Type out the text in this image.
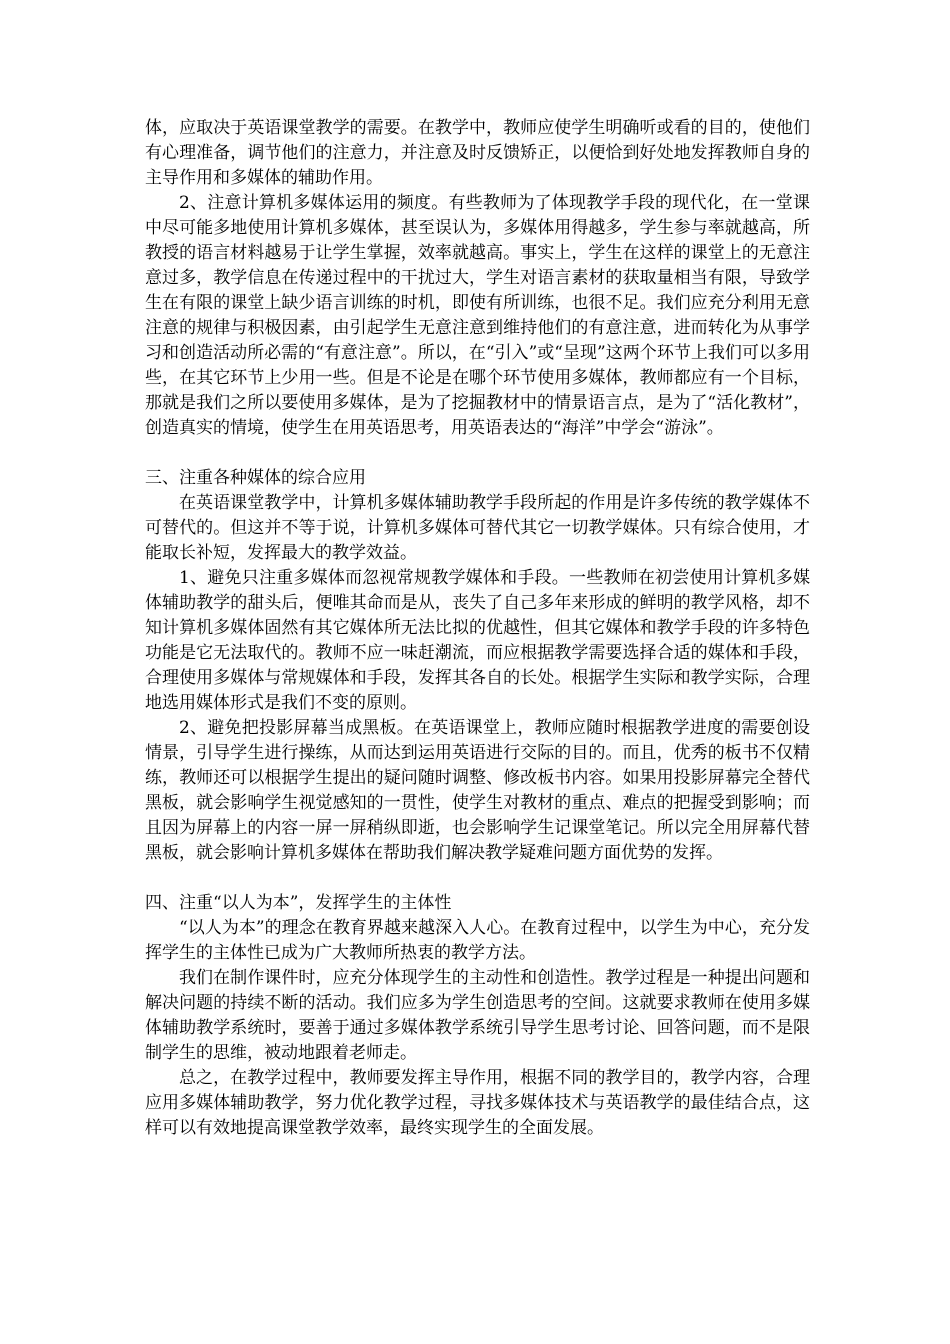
体，应取决于英语课堂教学的需要。在教学中，教师应使学生明确听或看的目的，使他们有心理准备，调节他们的注意力，并注意及时反馈矫正，以便恰到好处地发挥教师自身的主导作用和多媒体的辅助作用。

2、注意计算机多媒体运用的频度。有些教师为了体现教学手段的现代化，在一堂课中尽可能多地使用计算机多媒体，甚至误认为，多媒体用得越多，学生参与率就越高，所教授的语言材料越易于让学生掌握，效率就越高。事实上，学生在这样的课堂上的无意注意过多，教学信息在传递过程中的干扰过大，学生对语言素材的获取量相当有限，导致学生在有限的课堂上缺少语言训练的时机，即使有所训练，也很不足。我们应充分利用无意注意的规律与积极因素，由引起学生无意注意到维持他们的有意注意，进而转化为从事学习和创造活动所必需的“有意注意”。所以，在“引入”或“呈现”这两个环节上我们可以多用些，在其它环节上少用一些。但是不论是在哪个环节使用多媒体，教师都应有一个目标，那就是我们之所以要使用多媒体，是为了挖掘教材中的情景语言点，是为了“活化教材”，创造真实的情境，使学生在用英语思考，用英语表达的“海洋”中学会“游泳”。

三、注重各种媒体的综合应用

在英语课堂教学中，计算机多媒体辅助教学手段所起的作用是许多传统的教学媒体不可替代的。但这并不等于说，计算机多媒体可替代其它一切教学媒体。只有综合使用，才能取长补短，发挥最大的教学效益。

1、避免只注重多媒体而忽视常规教学媒体和手段。一些教师在初尝使用计算机多媒体辅助教学的甜头后，便唯其命而是从，丧失了自己多年来形成的鲜明的教学风格，却不知计算机多媒体固然有其它媒体所无法比拟的优越性，但其它媒体和教学手段的许多特色功能是它无法取代的。教师不应一味赶潮流，而应根据教学需要选择合适的媒体和手段，合理使用多媒体与常规媒体和手段，发挥其各自的长处。根据学生实际和教学实际，合理地选用媒体形式是我们不变的原则。

2、避免把投影屏幕当成黑板。在英语课堂上，教师应随时根据教学进度的需要创设情景，引导学生进行操练，从而达到运用英语进行交际的目的。而且，优秀的板书不仅精练，教师还可以根据学生提出的疑问随时调整、修改板书内容。如果用投影屏幕完全替代黑板，就会影响学生视觉感知的一贯性，使学生对教材的重点、难点的把握受到影响；而且因为屏幕上的内容一屏一屏稍纵即逝，也会影响学生记课堂笔记。所以完全用屏幕代替黑板，就会影响计算机多媒体在帮助我们解决教学疑难问题方面优势的发挥。

四、注重“以人为本”，发挥学生的主体性

“以人为本”的理念在教育界越来越深入人心。在教育过程中，以学生为中心，充分发挥学生的主体性已成为广大教师所热衷的教学方法。

我们在制作课件时，应充分体现学生的主动性和创造性。教学过程是一种提出问题和解决问题的持续不断的活动。我们应多为学生创造思考的空间。这就要求教师在使用多媒体辅助教学系统时，要善于通过多媒体教学系统引导学生思考讨论、回答问题，而不是限制学生的思维，被动地跟着老师走。

总之，在教学过程中，教师要发挥主导作用，根据不同的教学目的，教学内容，合理应用多媒体辅助教学，努力优化教学过程，寻找多媒体技术与英语教学的最佳结合点，这样可以有效地提高课堂教学效率，最终实现学生的全面发展。
